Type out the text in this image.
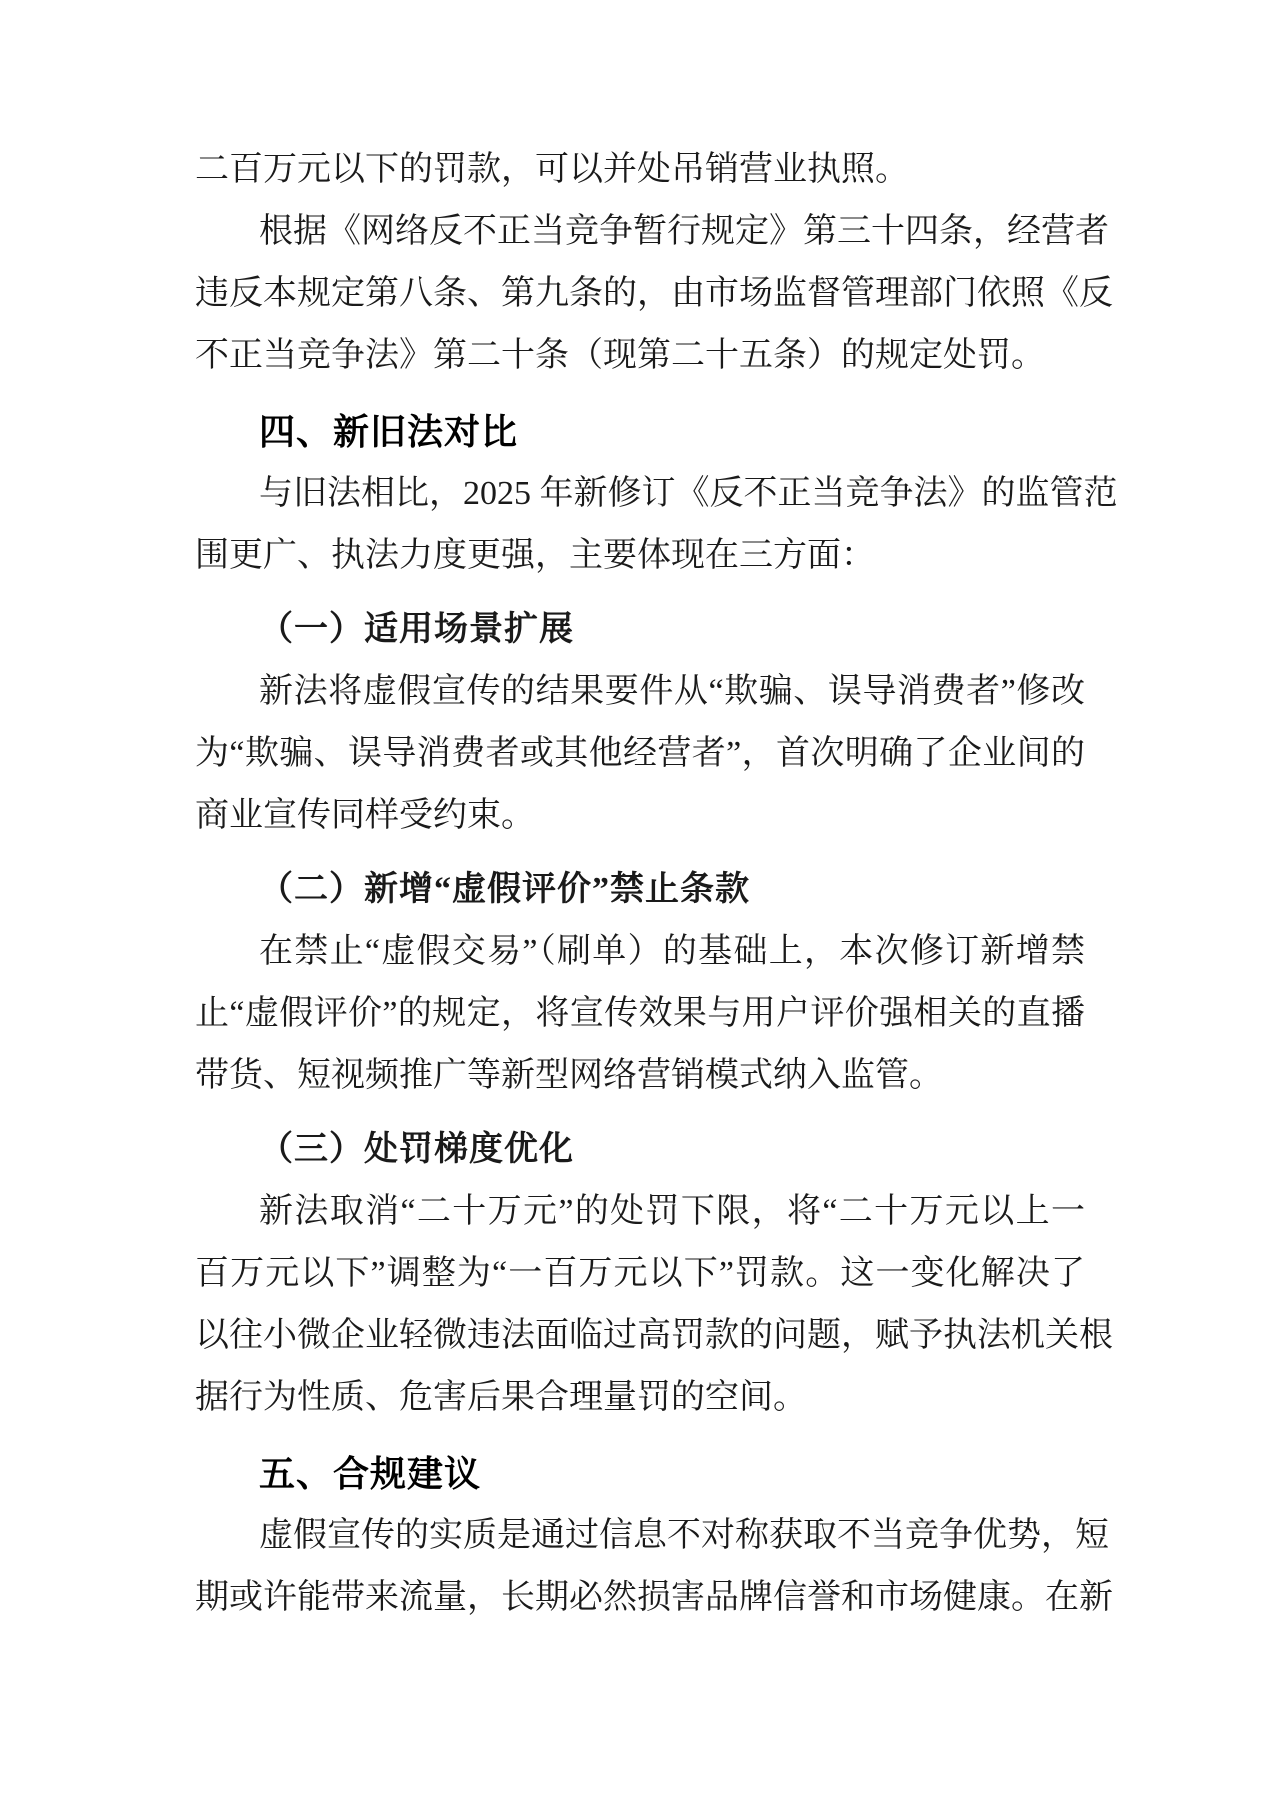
二百万元以下的罚款，可以并处吊销营业执照。
根据《网络反不正当竞争暂行规定》第三十四条，经营者
违反本规定第八条、第九条的，由市场监督管理部门依照《反
不正当竞争法》第二十条（现第二十五条）的规定处罚。
四、新旧法对比
与旧法相比，2025 年新修订《反不正当竞争法》的监管范
围更广、执法力度更强，主要体现在三方面：
（一）适用场景扩展
新法将虚假宣传的结果要件从“欺骗、误导消费者”修改
为“欺骗、误导消费者或其他经营者”，首次明确了企业间的
商业宣传同样受约束。
（二）新增“虚假评价”禁止条款
在禁止“虚假交易”（刷单）的基础上，本次修订新增禁
止“虚假评价”的规定，将宣传效果与用户评价强相关的直播
带货、短视频推广等新型网络营销模式纳入监管。
（三）处罚梯度优化
新法取消“二十万元”的处罚下限，将“二十万元以上一
百万元以下”调整为“一百万元以下”罚款。这一变化解决了
以往小微企业轻微违法面临过高罚款的问题，赋予执法机关根
据行为性质、危害后果合理量罚的空间。
五、合规建议
虚假宣传的实质是通过信息不对称获取不当竞争优势，短
期或许能带来流量，长期必然损害品牌信誉和市场健康。在新
